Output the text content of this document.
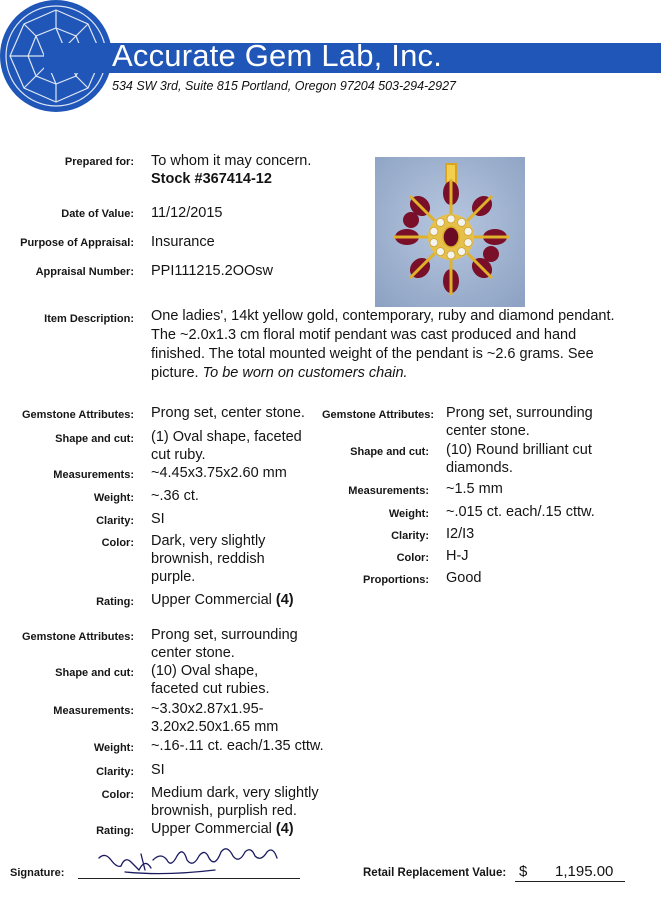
Accurate Gem Lab, Inc.
534 SW 3rd, Suite 815 Portland, Oregon 97204 503-294-2927
Prepared for: To whom it may concern.
Stock #367414-12
Date of Value: 11/12/2015
Purpose of Appraisal: Insurance
Appraisal Number: PPI111215.2OOsw
Item Description: One ladies', 14kt yellow gold, contemporary, ruby and diamond pendant.
The ~2.0x1.3 cm floral motif pendant was cast produced and hand
finished. The total mounted weight of the pendant is ~2.6 grams. See
picture. To be worn on customers chain.
Gemstone Attributes: Prong set, center stone.
Shape and cut: (1) Oval shape, faceted
cut ruby.
Measurements: ~4.45x3.75x2.60 mm
Weight: ~.36 ct.
Clarity: SI
Color: Dark, very slightly
brownish, reddish
purple.
Rating: Upper Commercial (4)
Gemstone Attributes: Prong set, surrounding
center stone.
Shape and cut: (10) Round brilliant cut
diamonds.
Measurements: ~1.5 mm
Weight: ~.015 ct. each/.15 cttw.
Clarity: I2/I3
Color: H-J
Proportions: Good
Gemstone Attributes: Prong set, surrounding
center stone.
Shape and cut: (10) Oval shape,
faceted cut rubies.
Measurements: ~3.30x2.87x1.95-
3.20x2.50x1.65 mm
Weight: ~.16-.11 ct. each/1.35 cttw.
Clarity: SI
Color: Medium dark, very slightly
brownish, purplish red.
Rating: Upper Commercial (4)
Signature:	Retail Replacement Value: $ 1,195.00
